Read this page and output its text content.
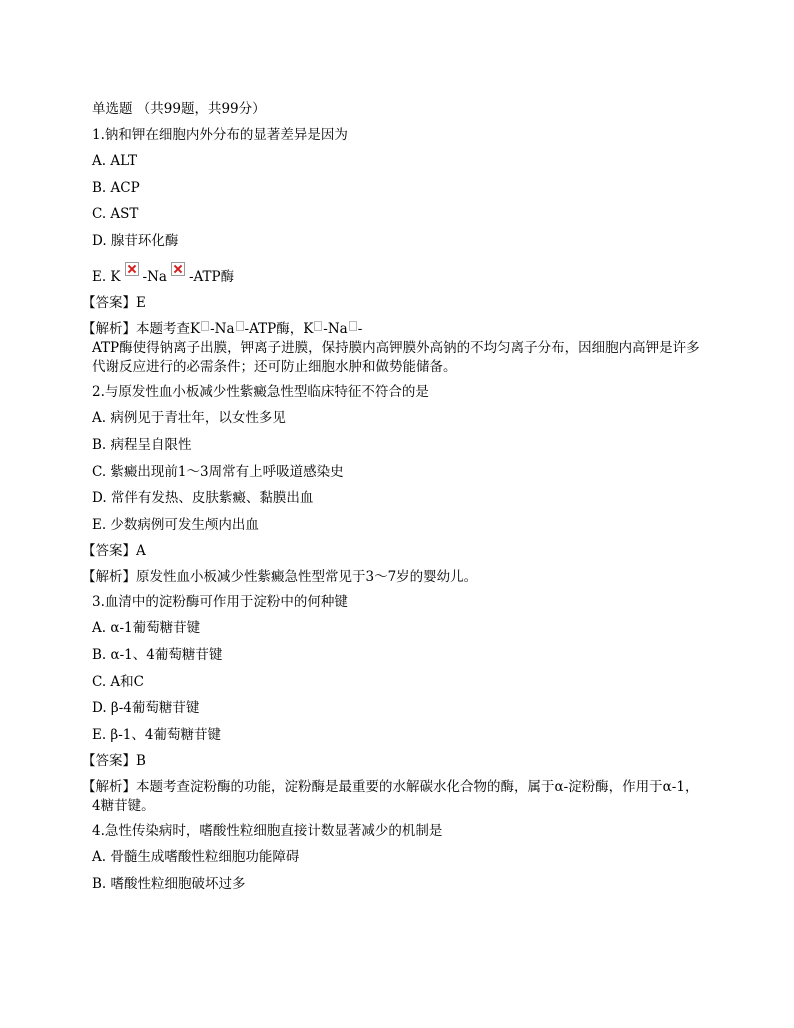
单选题 （共99题，共99分）
1.钠和钾在细胞内外分布的显著差异是因为
A. ALT
B. ACP
C. AST
D. 腺苷环化酶
E. K -Na -ATP酶
【答案】E
【解析】本题考查K -Na -ATP酶，K -Na -
ATP酶使得钠离子出膜，钾离子进膜，保持膜内高钾膜外高钠的不均匀离子分布，因细胞内高钾是许多代谢反应进行的必需条件；还可防止细胞水肿和做势能储备。
2.与原发性血小板减少性紫癜急性型临床特征不符合的是
A. 病例见于青壮年，以女性多见
B. 病程呈自限性
C. 紫癜出现前1～3周常有上呼吸道感染史
D. 常伴有发热、皮肤紫癜、黏膜出血
E. 少数病例可发生颅内出血
【答案】A
【解析】原发性血小板减少性紫癜急性型常见于3～7岁的婴幼儿。
3.血清中的淀粉酶可作用于淀粉中的何种键
A. α-1葡萄糖苷键
B. α-1、4葡萄糖苷键
C. A和C
D. β-4葡萄糖苷键
E. β-1、4葡萄糖苷键
【答案】B
【解析】本题考查淀粉酶的功能，淀粉酶是最重要的水解碳水化合物的酶，属于α-淀粉酶，作用于α-1，4糖苷键。
4.急性传染病时，嗜酸性粒细胞直接计数显著减少的机制是
A. 骨髓生成嗜酸性粒细胞功能障碍
B. 嗜酸性粒细胞破坏过多
